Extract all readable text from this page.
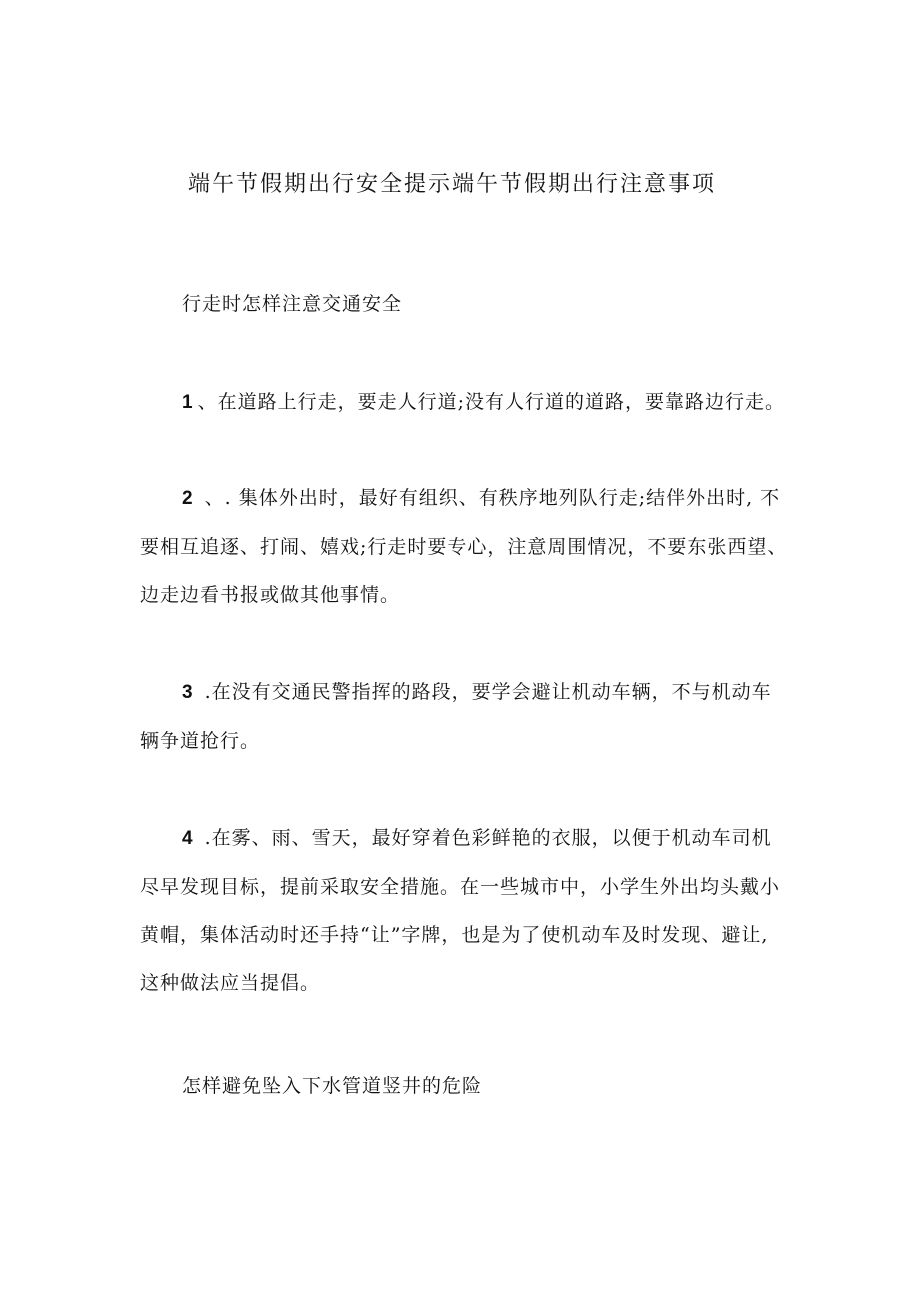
端午节假期出行安全提示端午节假期出行注意事项
行走时怎样注意交通安全
1 、在道路上行走，要走人行道;没有人行道的道路，要靠路边行走。
2 、. 集体外出时，最好有组织、有秩序地列队行走;结伴外出时, 不
要相互追逐、打闹、嬉戏;行走时要专心，注意周围情况，不要东张西望、
边走边看书报或做其他事情。
3 .在没有交通民警指挥的路段，要学会避让机动车辆，不与机动车
辆争道抢行。
4 .在雾、雨、雪天，最好穿着色彩鲜艳的衣服，以便于机动车司机
尽早发现目标，提前采取安全措施。在一些城市中，小学生外出均头戴小
黄帽，集体活动时还手持“让”字牌，也是为了使机动车及时发现、避让,
这种做法应当提倡。
怎样避免坠入下水管道竖井的危险
